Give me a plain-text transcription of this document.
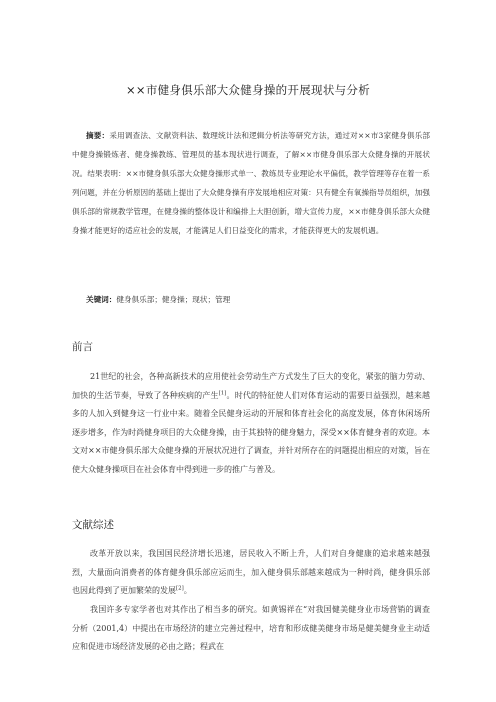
××市健身俱乐部大众健身操的开展现状与分析
摘要：采用调查法、文献资料法、数理统计法和逻辑分析法等研究方法，通过对××市3家健身俱乐部中健身操锻炼者、健身操教练、管理员的基本现状进行调查，了解××市健身俱乐部大众健身操的开展状况。结果表明：××市健身俱乐部大众健身操形式单一、教练员专业理论水平偏低，教学管理等存在着一系列问题，并在分析原因的基础上提出了大众健身操有序发展地相应对策：只有健全有氧操指导员组织，加强俱乐部的常规教学管理，在健身操的整体设计和编排上大胆创新，增大宣传力度，××市健身俱乐部大众健身操才能更好的适应社会的发展，才能满足人们日益变化的需求，才能获得更大的发展机遇。
关键词：健身俱乐部；健身操；现状；管理
前言
21世纪的社会，各种高新技术的应用使社会劳动生产方式发生了巨大的变化，紧张的脑力劳动、加快的生活节奏，导致了各种疾病的产生[1]。时代的特征使人们对体育运动的需要日益强烈，越来越多的人加入到健身这一行业中来。随着全民健身运动的开展和体育社会化的高度发展，体育休闲场所逐步增多，作为时尚健身项目的大众健身操，由于其独特的健身魅力，深受××体育健身者的欢迎。本文对××市健身俱乐部大众健身操的开展状况进行了调查，并针对所存在的问题提出相应的对策，旨在使大众健身操项目在社会体育中得到进一步的推广与普及。
文献综述
改革开放以来，我国国民经济增长迅速，居民收入不断上升，人们对自身健康的追求越来越强烈，大量面向消费者的体育健身俱乐部应运而生，加入健身俱乐部越来越成为一种时尚，健身俱乐部也因此得到了更加繁荣的发展[2]。
我国许多专家学者也对其作出了相当多的研究。如黄锡祥在“对我国健美健身业市场营销的调查分析（2001,4）中提出在市场经济的建立完善过程中，培育和形成健美健身市场是健美健身业主动适应和促进市场经济发展的必由之路；程武在
